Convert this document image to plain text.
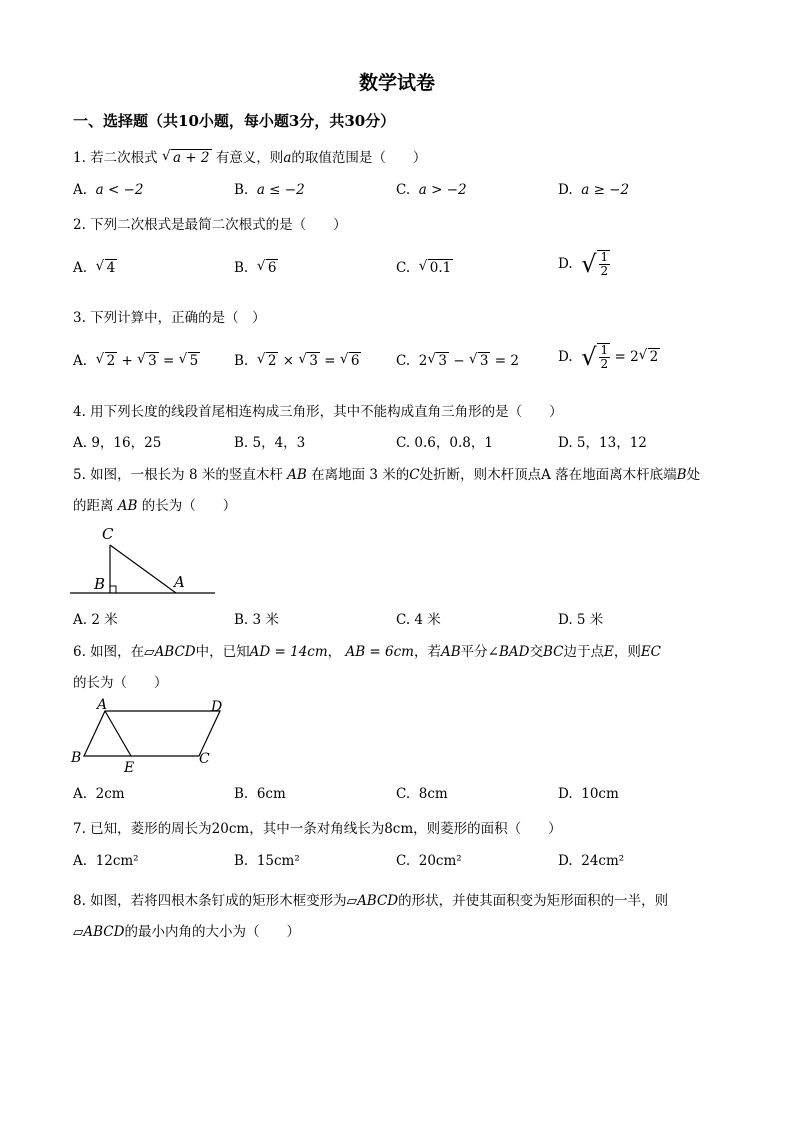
数学试卷
一、选择题（共10小题，每小题3分，共30分）
1. 若二次根式 √ a + 2 有意义，则a的取值范围是（　　）
A. a < −2	B. a ≤ −2	C. a > −2	D. a ≥ −2
2. 下列二次根式是最简二次根式的是（　　）
A. √ 4	B. √ 6	C. √ 0.1	D. √ $\frac{1}{2}$
3. 下列计算中，正确的是（　）
A. √ 2 + √ 3 = √ 5	B. √ 2 × √ 3 = √ 6	C. 2 √ 3 − √ 3 = 2	D. √ $\frac{1}{2} = 2$ √ 2
4. 用下列长度的线段首尾相连构成三角形，其中不能构成直角三角形的是（　　）
A. 9，16，25	B. 5，4，3	C. 0.6，0.8，1	D. 5，13，12
5. 如图，一根长为 8 米的竖直木杆 AB 在离地面 3 米的C处折断，则木杆顶点A 落在地面离木杆底端B处
的距离 AB 的长为（　　）
C
B	A
A. 2 米	B. 3 米	C. 4 米	D. 5 米
6. 如图，在▱ABCD中，已知AD = 14cm， AB = 6cm，若AB平分∠BAD交BC边于点E，则EC
的长为（　　）
A	D
B
E
C
A. 2cm	B. 6cm	C. 8cm	D. 10cm
7. 已知，菱形的周长为20cm，其中一条对角线长为8cm，则菱形的面积（　　）
A. 12cm²	B. 15cm²	C. 20cm²	D. 24cm²
8. 如图，若将四根木条钉成的矩形木框变形为▱ABCD的形状，并使其面积变为矩形面积的一半，则
▱ABCD的最小内角的大小为（　　）
